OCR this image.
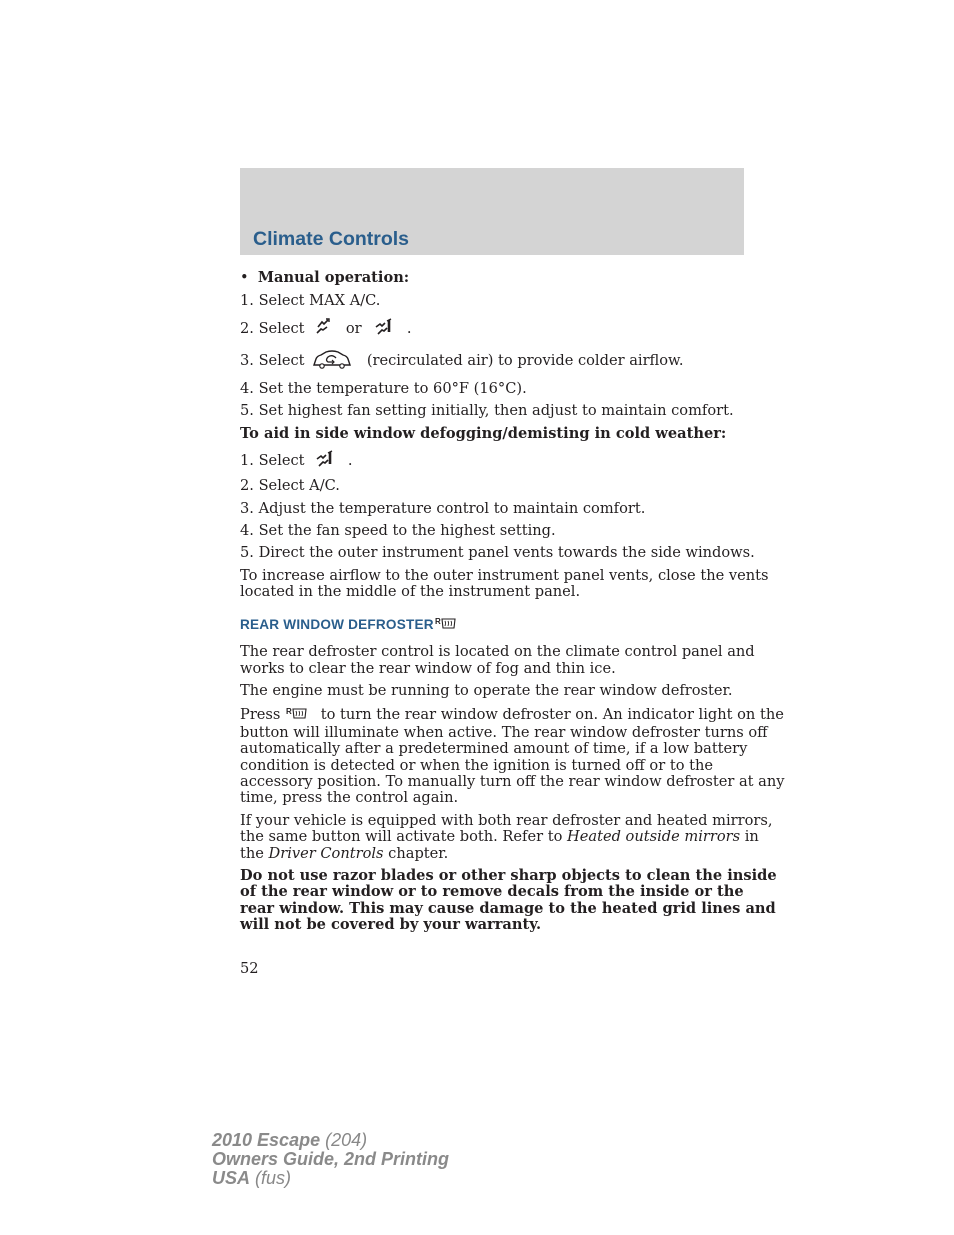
Climate Controls
• Manual operation:
1. Select MAX A/C.
2. Select	or	.
3. Select	(recirculated air) to provide colder airflow.
4. Set the temperature to 60°F (16°C).
5. Set highest fan setting initially, then adjust to maintain comfort.
To aid in side window defogging/demisting in cold weather:
1. Select	.
2. Select A/C.
3. Adjust the temperature control to maintain comfort.
4. Set the fan speed to the highest setting.
5. Direct the outer instrument panel vents towards the side windows.
To increase airflow to the outer instrument panel vents, close the vents
located in the middle of the instrument panel.
REAR WINDOW DEFROSTER R
The rear defroster control is located on the climate control panel and
works to clear the rear window of fog and thin ice.
The engine must be running to operate the rear window defroster.
Press R to turn the rear window defroster on. An indicator light on the
button will illuminate when active. The rear window defroster turns off
automatically after a predetermined amount of time, if a low battery
condition is detected or when the ignition is turned off or to the
accessory position. To manually turn off the rear window defroster at any
time, press the control again.
If your vehicle is equipped with both rear defroster and heated mirrors,
the same button will activate both. Refer to Heated outside mirrors in
the Driver Controls chapter.
Do not use razor blades or other sharp objects to clean the inside
of the rear window or to remove decals from the inside or the
rear window. This may cause damage to the heated grid lines and
will not be covered by your warranty.
52
2010 Escape (204)
Owners Guide, 2nd Printing
USA (fus)
